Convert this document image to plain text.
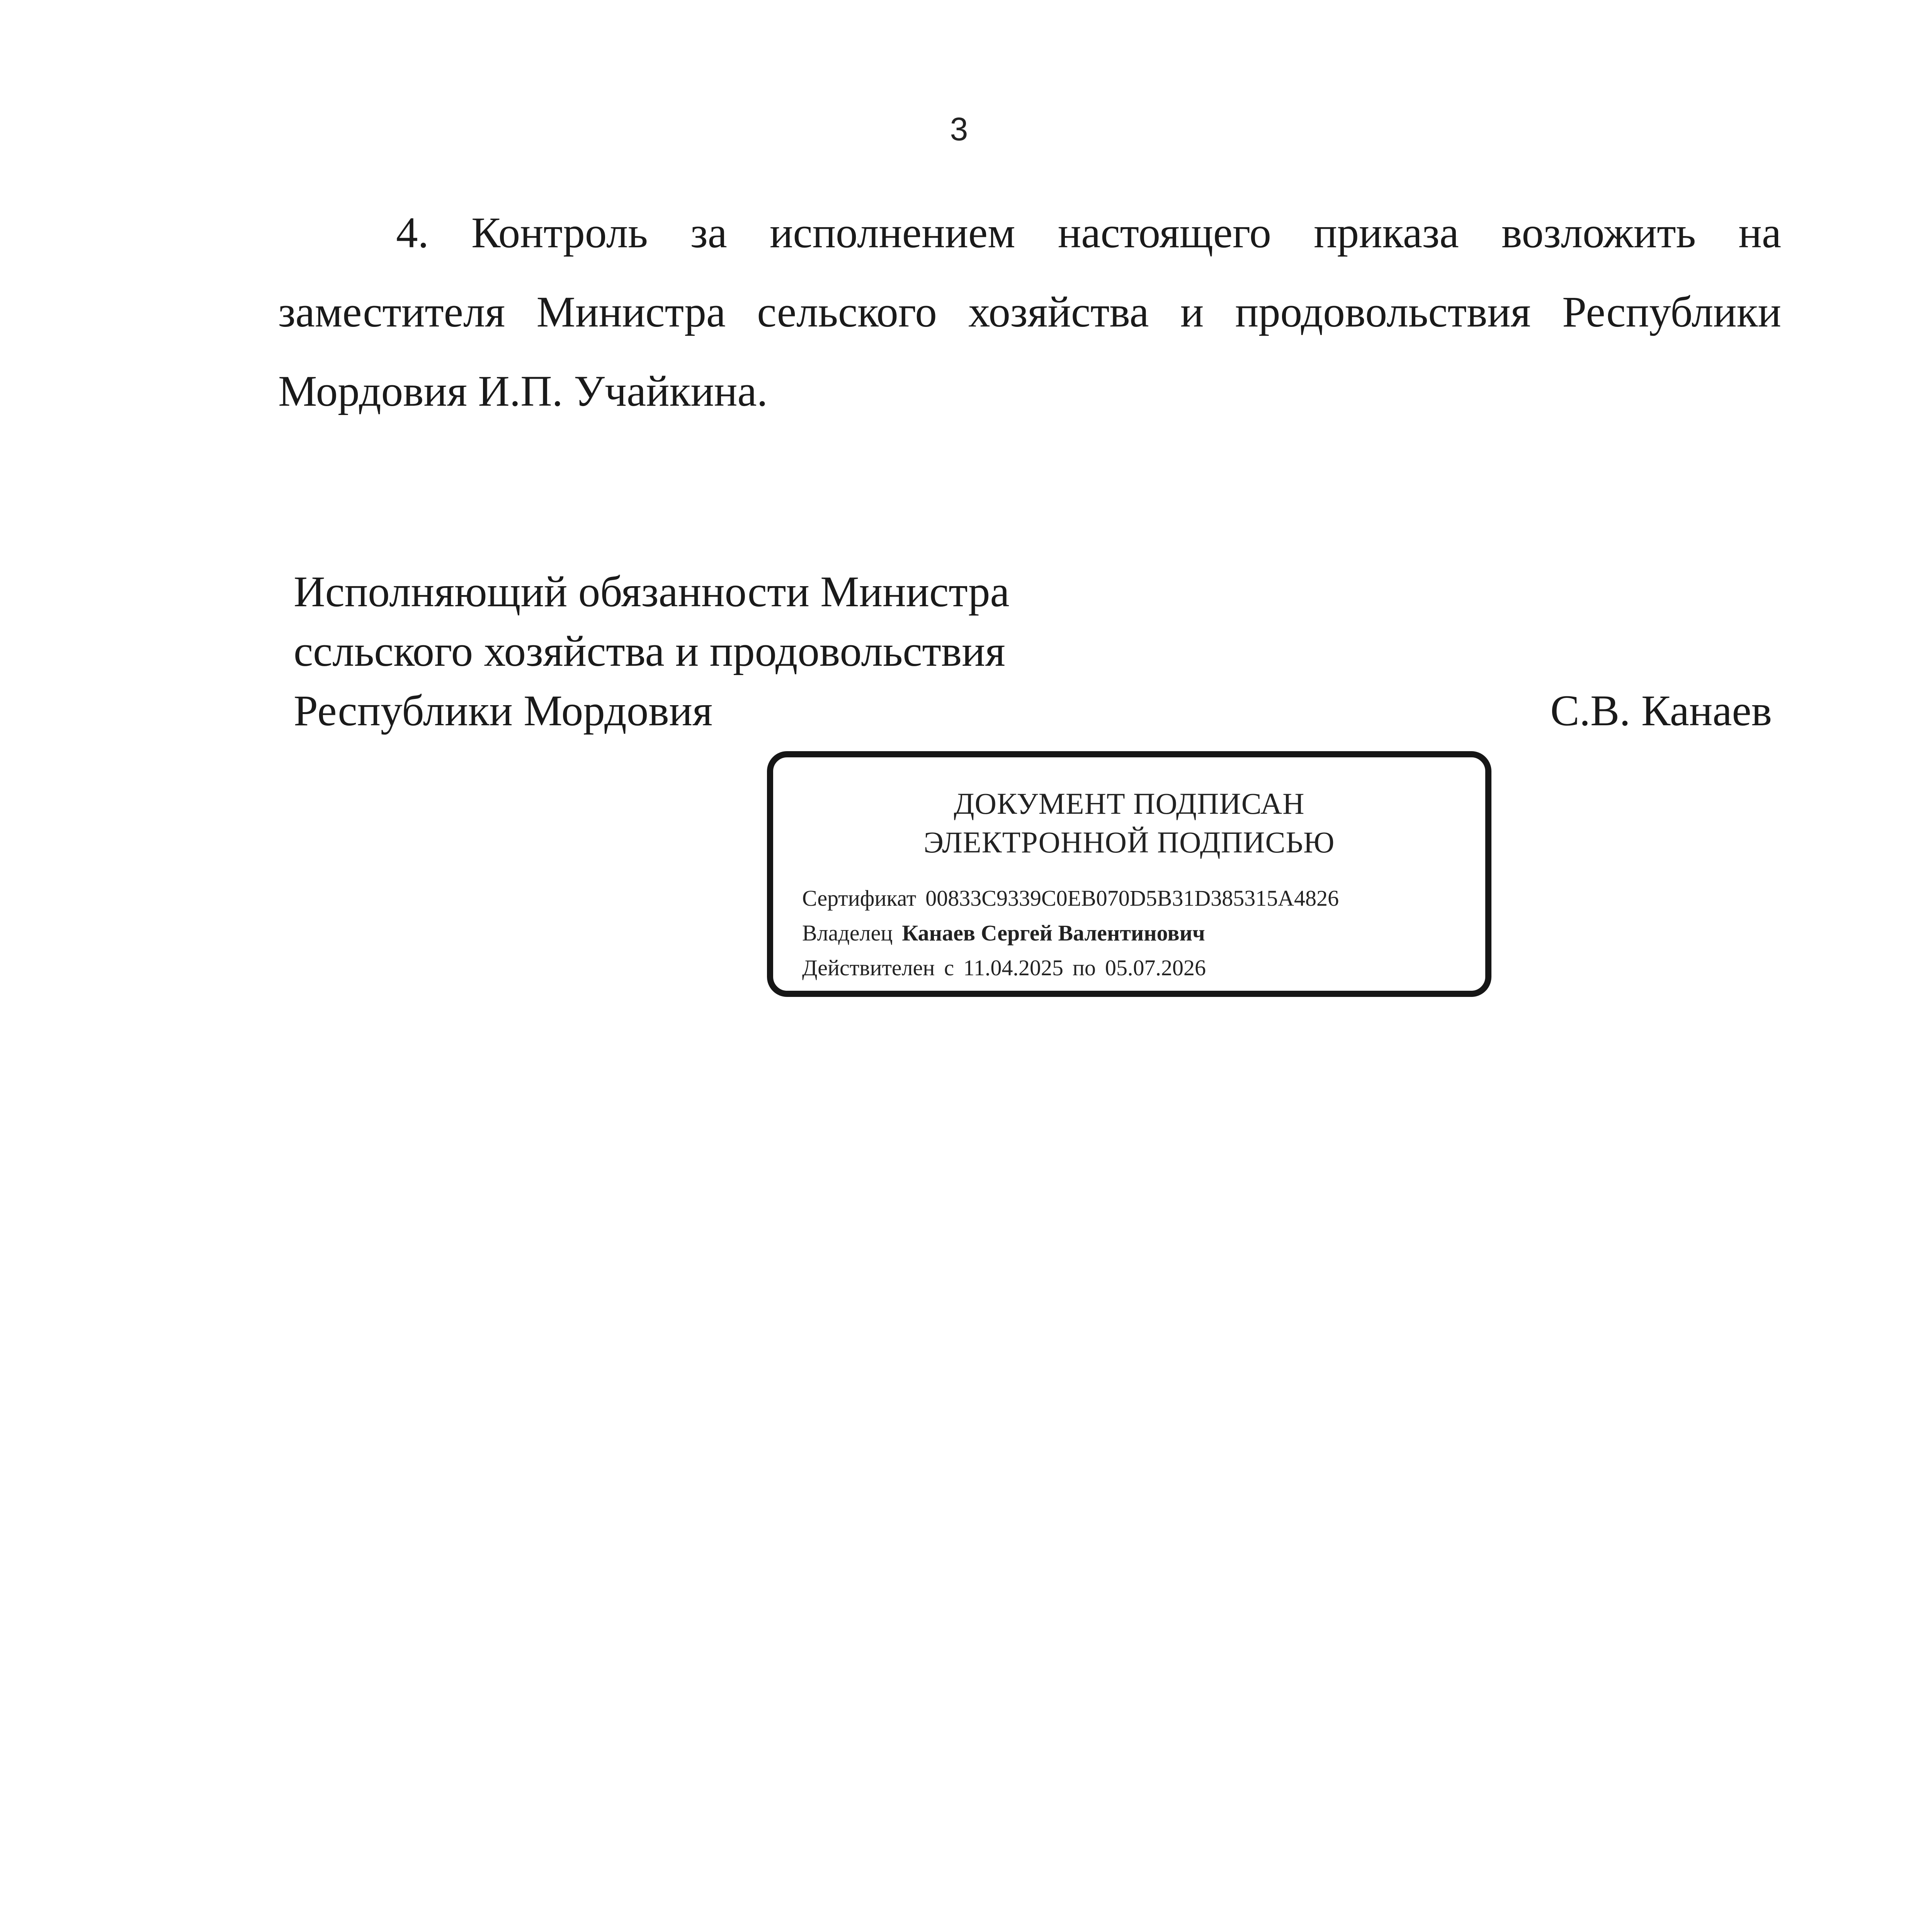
3

4. Контроль за исполнением настоящего приказа возложить на заместителя Министра сельского хозяйства и продовольствия Республики Мордовия И.П. Учайкина.

Исполняющий обязанности Министра
ссльского хозяйства и продовольствия
Республики Мордовия	С.В. Канаев
ДОКУМЕНТ ПОДПИСАН
ЭЛЕКТРОННОЙ ПОДПИСЬЮ
Сертификат 00833C9339C0EB070D5B31D385315A4826
Владелец Канаев Сергей Валентинович
Действителен с 11.04.2025 по 05.07.2026
